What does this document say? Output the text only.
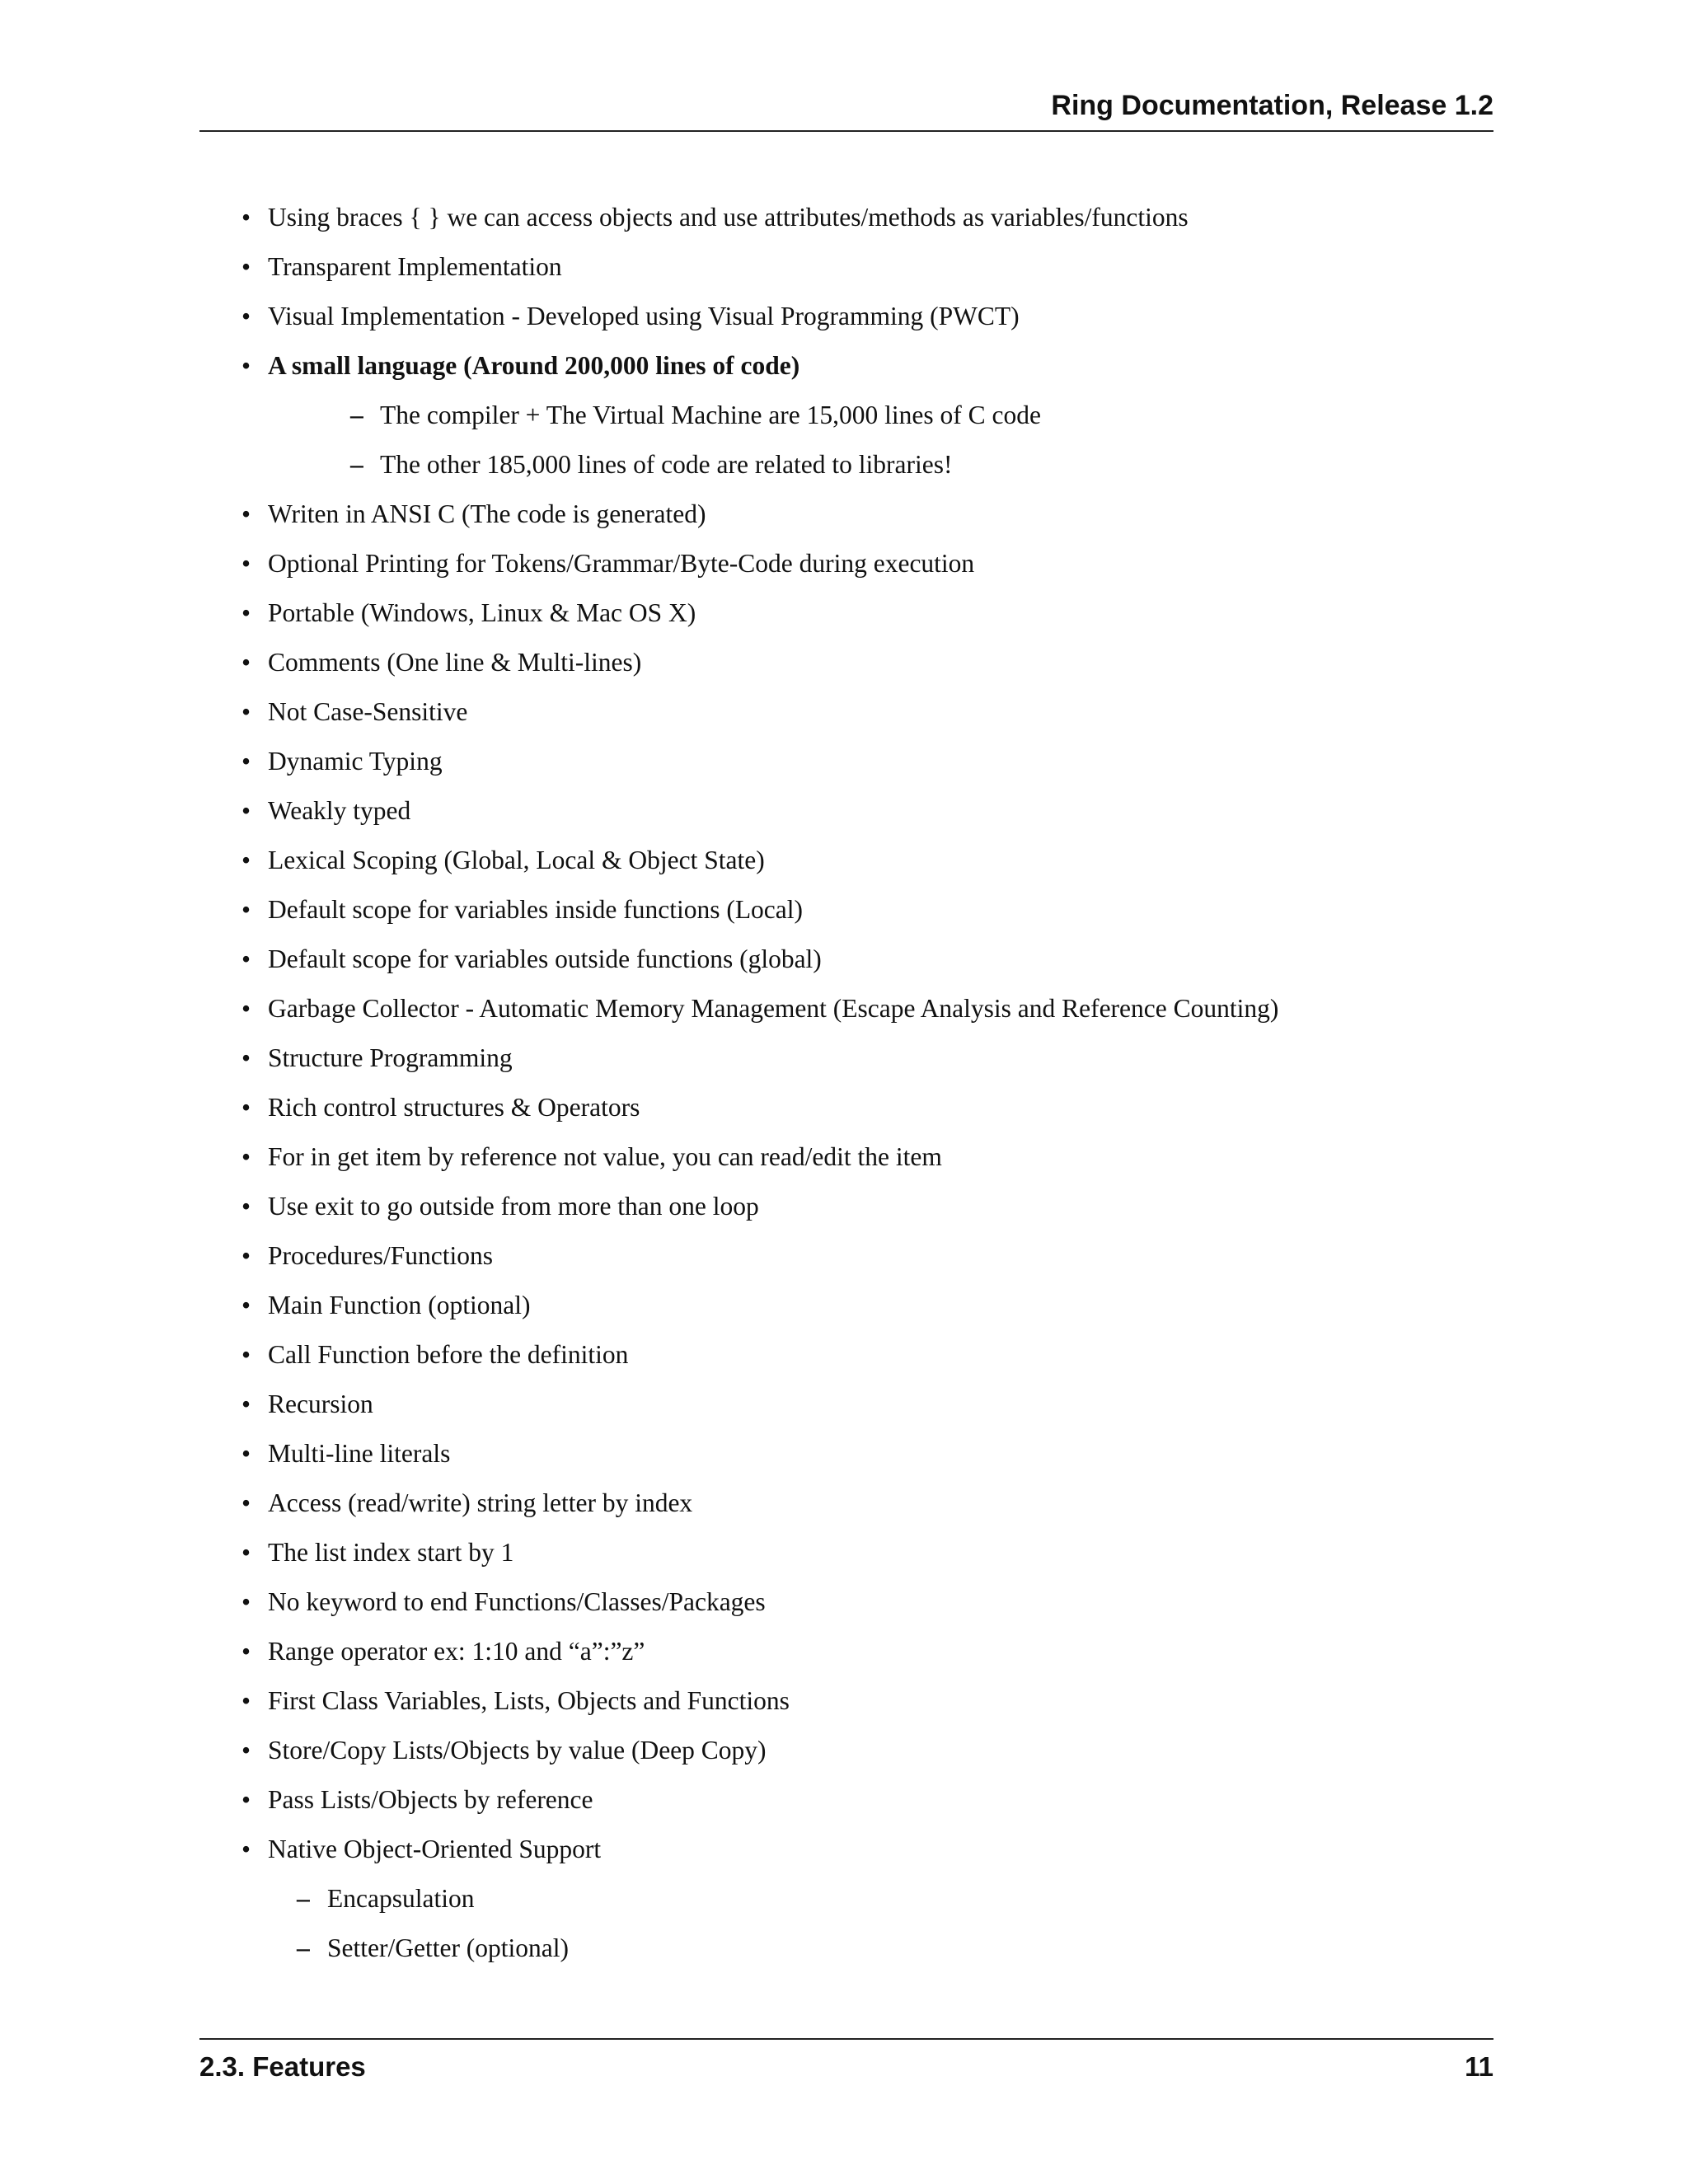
Ring Documentation, Release 1.2
• Using braces { } we can access objects and use attributes/methods as variables/functions
• Transparent Implementation
• Visual Implementation - Developed using Visual Programming (PWCT)
• A small language (Around 200,000 lines of code)
– The compiler + The Virtual Machine are 15,000 lines of C code
– The other 185,000 lines of code are related to libraries!
• Writen in ANSI C (The code is generated)
• Optional Printing for Tokens/Grammar/Byte-Code during execution
• Portable (Windows, Linux & Mac OS X)
• Comments (One line & Multi-lines)
• Not Case-Sensitive
• Dynamic Typing
• Weakly typed
• Lexical Scoping (Global, Local & Object State)
• Default scope for variables inside functions (Local)
• Default scope for variables outside functions (global)
• Garbage Collector - Automatic Memory Management (Escape Analysis and Reference Counting)
• Structure Programming
• Rich control structures & Operators
• For in get item by reference not value, you can read/edit the item
• Use exit to go outside from more than one loop
• Procedures/Functions
• Main Function (optional)
• Call Function before the definition
• Recursion
• Multi-line literals
• Access (read/write) string letter by index
• The list index start by 1
• No keyword to end Functions/Classes/Packages
• Range operator ex: 1:10 and “a”:”z”
• First Class Variables, Lists, Objects and Functions
• Store/Copy Lists/Objects by value (Deep Copy)
• Pass Lists/Objects by reference
• Native Object-Oriented Support
– Encapsulation
– Setter/Getter (optional)
2.3. Features	11
